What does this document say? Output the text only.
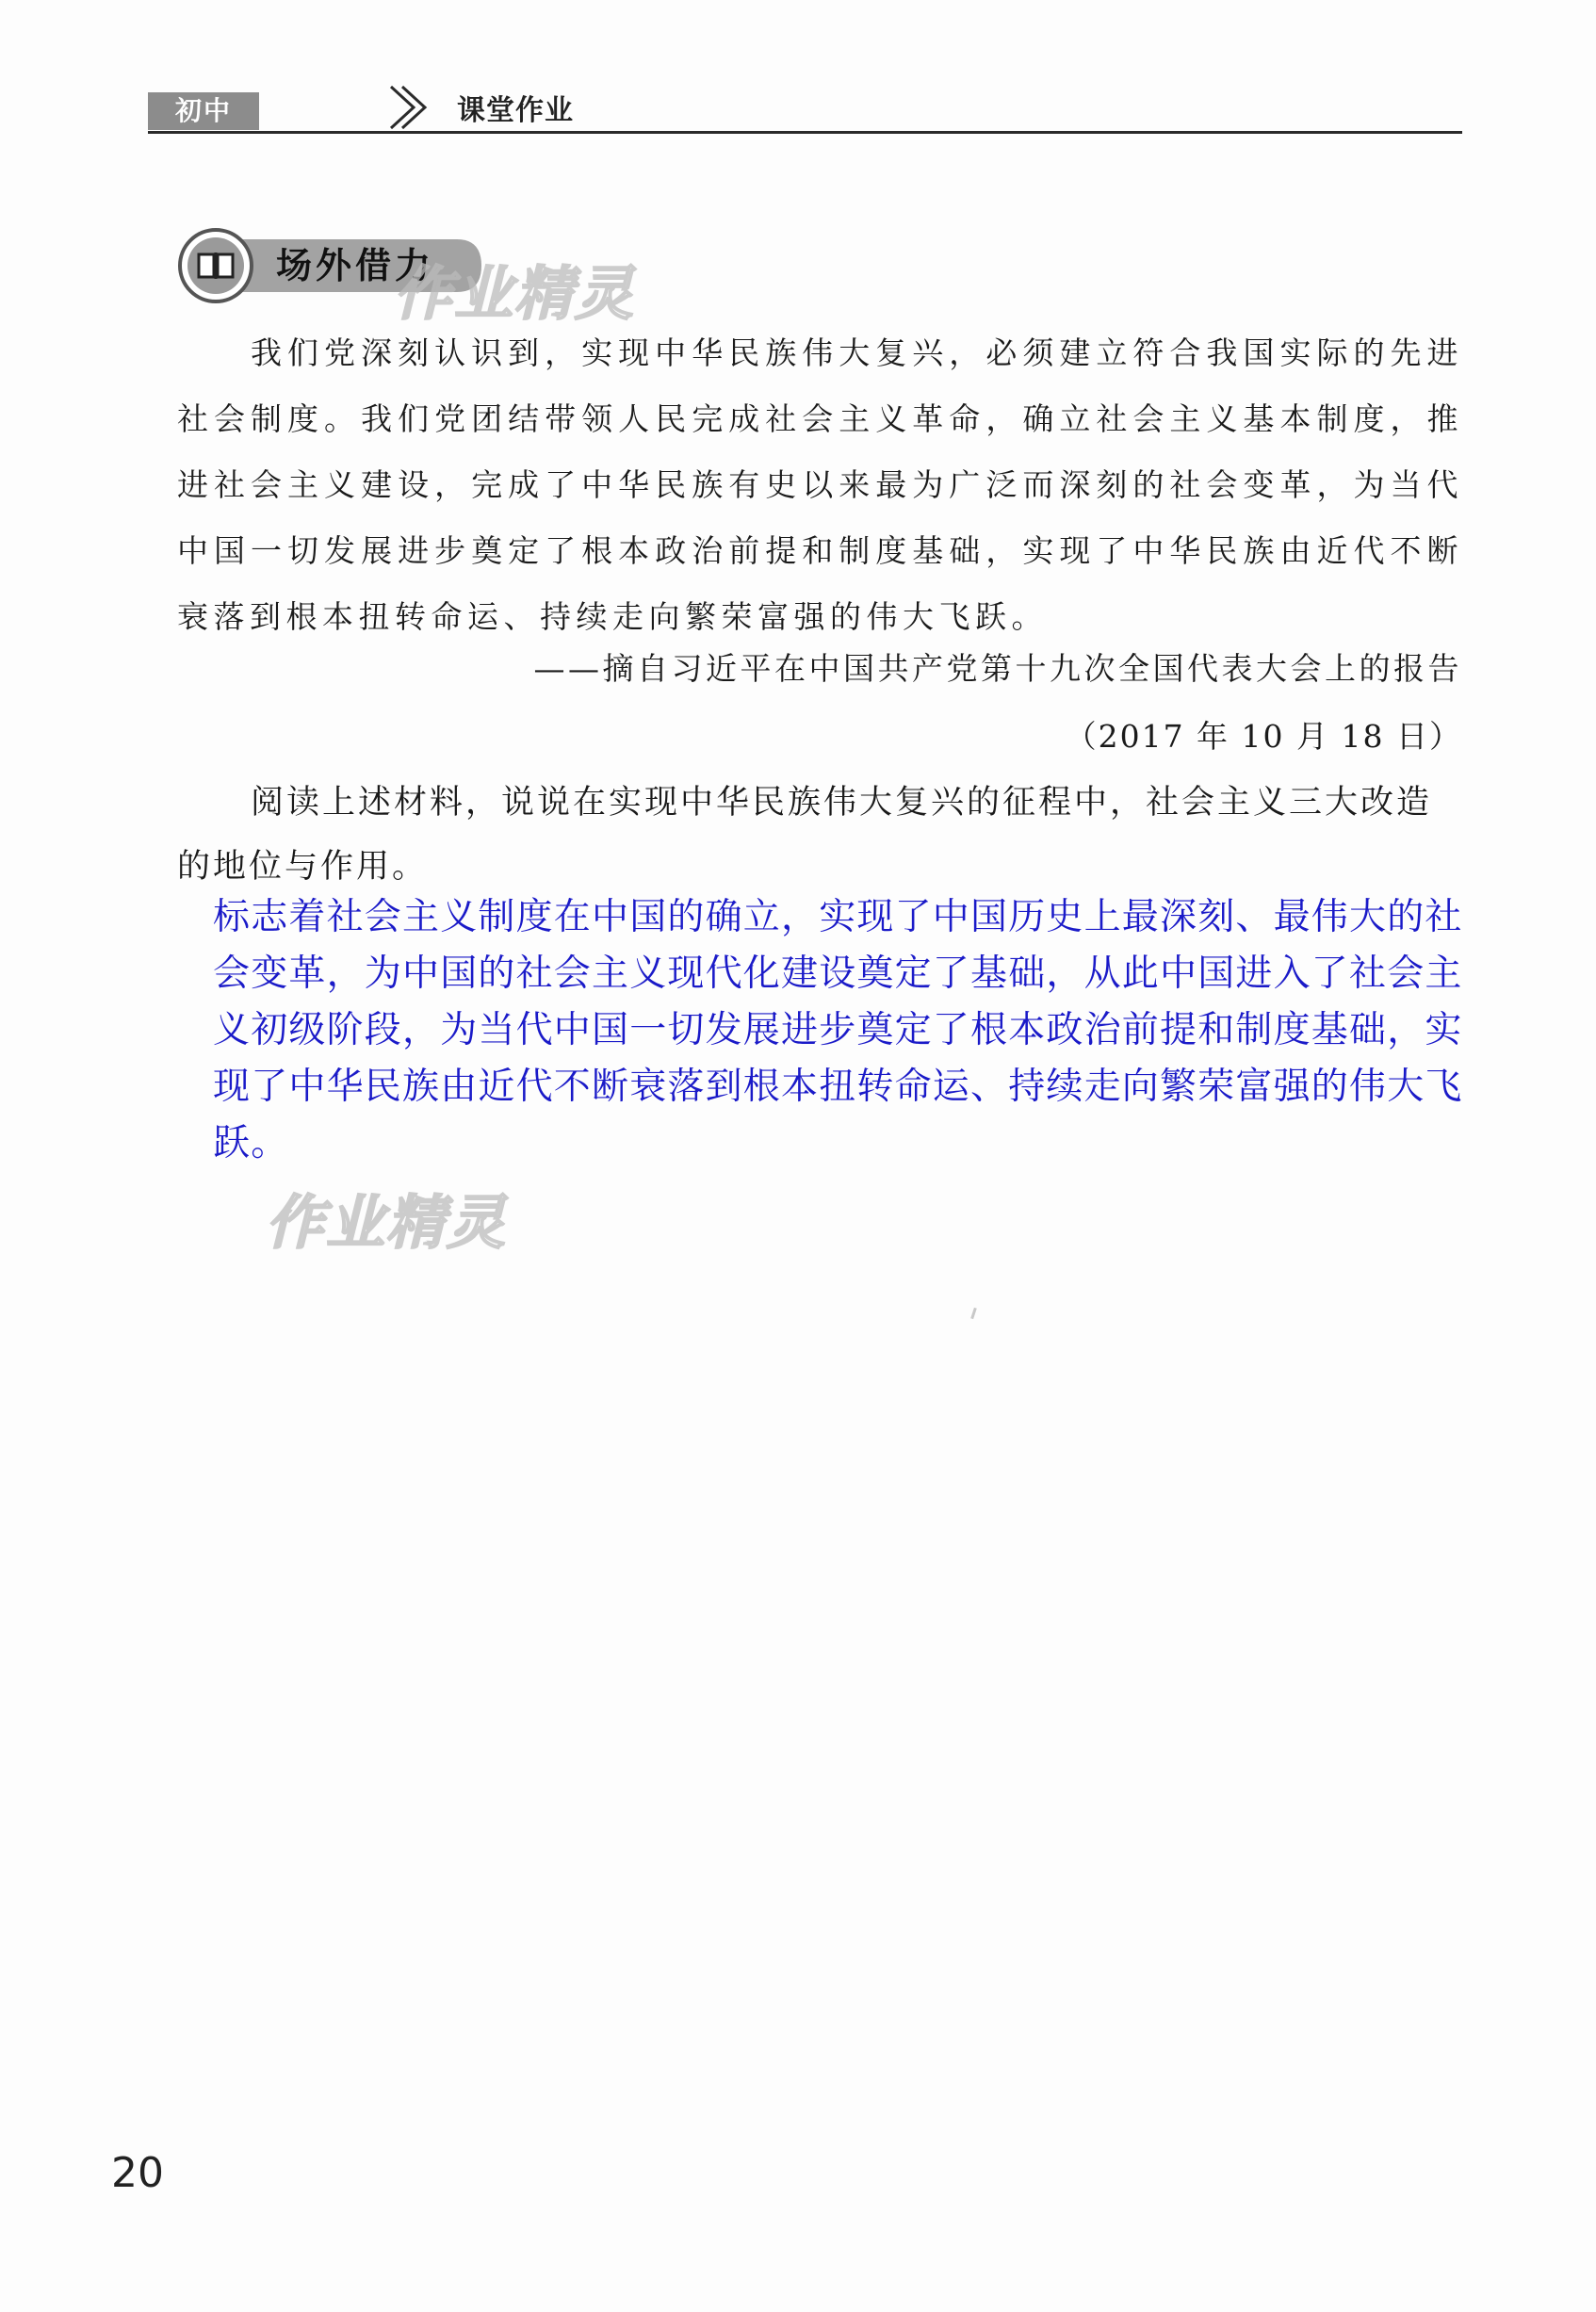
初中	课堂作业
场外借力
作业精灵
我们党深刻认识到，实现中华民族伟大复兴，必须建立符合我国实际的先进社会制度。我们党团结带领人民完成社会主义革命，确立社会主义基本制度，推进社会主义建设，完成了中华民族有史以来最为广泛而深刻的社会变革，为当代中国一切发展进步奠定了根本政治前提和制度基础，实现了中华民族由近代不断衰落到根本扭转命运、持续走向繁荣富强的伟大飞跃。
——摘自习近平在中国共产党第十九次全国代表大会上的报告
（2017 年 10 月 18 日）
阅读上述材料，说说在实现中华民族伟大复兴的征程中，社会主义三大改造的地位与作用。
标志着社会主义制度在中国的确立，实现了中国历史上最深刻、最伟大的社会变革，为中国的社会主义现代化建设奠定了基础，从此中国进入了社会主义初级阶段，为当代中国一切发展进步奠定了根本政治前提和制度基础，实现了中华民族由近代不断衰落到根本扭转命运、持续走向繁荣富强的伟大飞跃。
作业精灵
20
